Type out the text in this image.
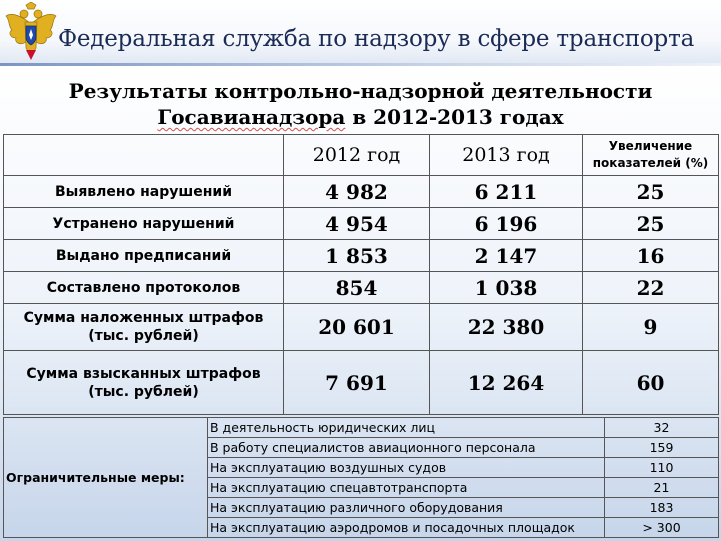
Федеральная служба по надзору в сфере транспорта
Результаты контрольно-надзорной деятельности
Госавианадзора в 2012-2013 годах
	2012 год	2013 год	Увеличение показателей (%)
Выявлено нарушений	4 982	6 211	25
Устранено нарушений	4 954	6 196	25
Выдано предписаний	1 853	2 147	16
Составлено протоколов	854	1 038	22
Сумма наложенных штрафов (тыс. рублей)	20 601	22 380	9
Сумма взысканных штрафов (тыс. рублей)	7 691	12 264	60
Ограничительные меры:	В деятельность юридических лиц	32
	В работу специалистов авиационного персонала	159
	На эксплуатацию воздушных судов	110
	На эксплуатацию спецавтотранспорта	21
	На эксплуатацию различного оборудования	183
	На эксплуатацию аэродромов и посадочных площадок	> 300
